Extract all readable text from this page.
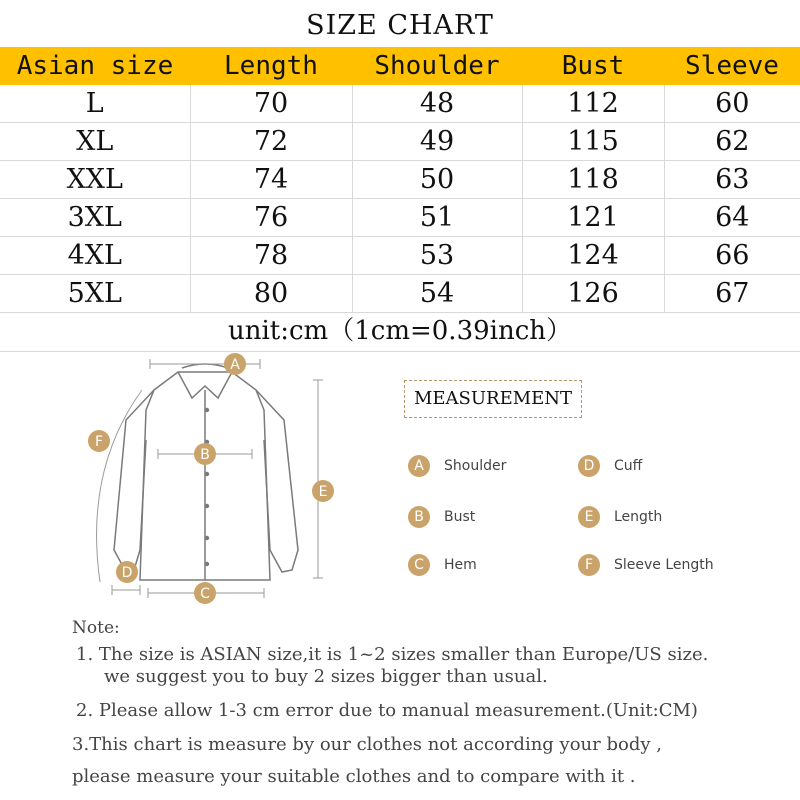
SIZE CHART
Asian size	Length	Shoulder	Bust	Sleeve
L	70	48	112	60
XL	72	49	115	62
XXL	74	50	118	63
3XL	76	51	121	64
4XL	78	53	124	66
5XL	80	54	126	67
unit:cm（1cm=0.39inch）
A
B
C
D
E
F
MEASUREMENT
A	Shoulder
B	Bust
C	Hem
D	Cuff
E	Length
F	Sleeve Length
Note:
1. The size is ASIAN size,it is 1~2 sizes smaller than Europe/US size.
we suggest you to buy 2 sizes bigger than usual.
2. Please allow 1-3 cm error due to manual measurement.(Unit:CM)
3.This chart is measure by our clothes not according your body ,
please measure your suitable clothes and to compare with it .
